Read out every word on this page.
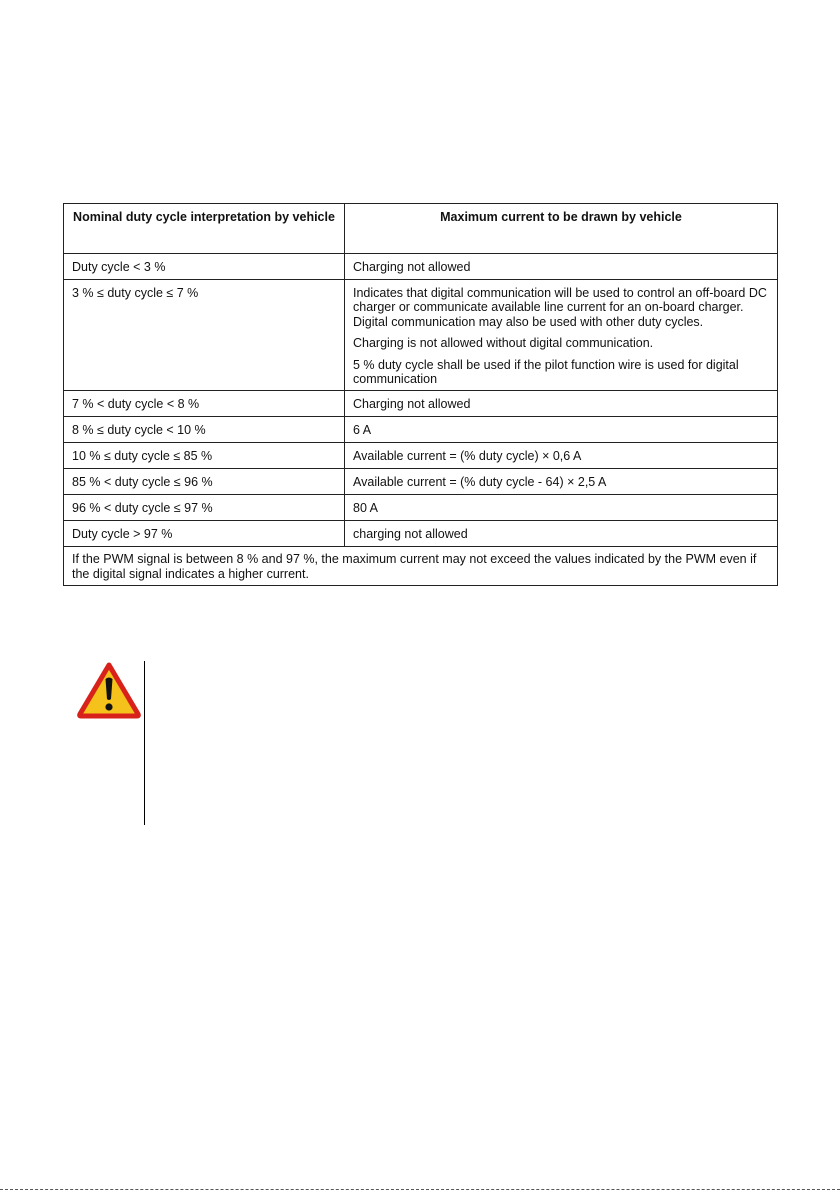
Nominal duty cycle interpretation by vehicle	Maximum current to be drawn by vehicle
Duty cycle < 3 %	Charging not allowed
3 % ≤ duty cycle ≤ 7 %	Indicates that digital communication will be used to control an off-board DC charger or communicate available line current for an on-board charger. Digital communication may also be used with other duty cycles.

Charging is not allowed without digital communication.

5 % duty cycle shall be used if the pilot function wire is used for digital communication

7 % < duty cycle < 8 %	Charging not allowed
8 % ≤ duty cycle < 10 %	6 A
10 % ≤ duty cycle ≤ 85 %	Available current = (% duty cycle) × 0,6 A
85 % < duty cycle ≤ 96 %	Available current = (% duty cycle - 64) × 2,5 A
96 % < duty cycle ≤ 97 %	80 A
Duty cycle > 97 %	charging not allowed
If the PWM signal is between 8 % and 97 %, the maximum current may not exceed the values indicated by the PWM even if the digital signal indicates a higher current.	
